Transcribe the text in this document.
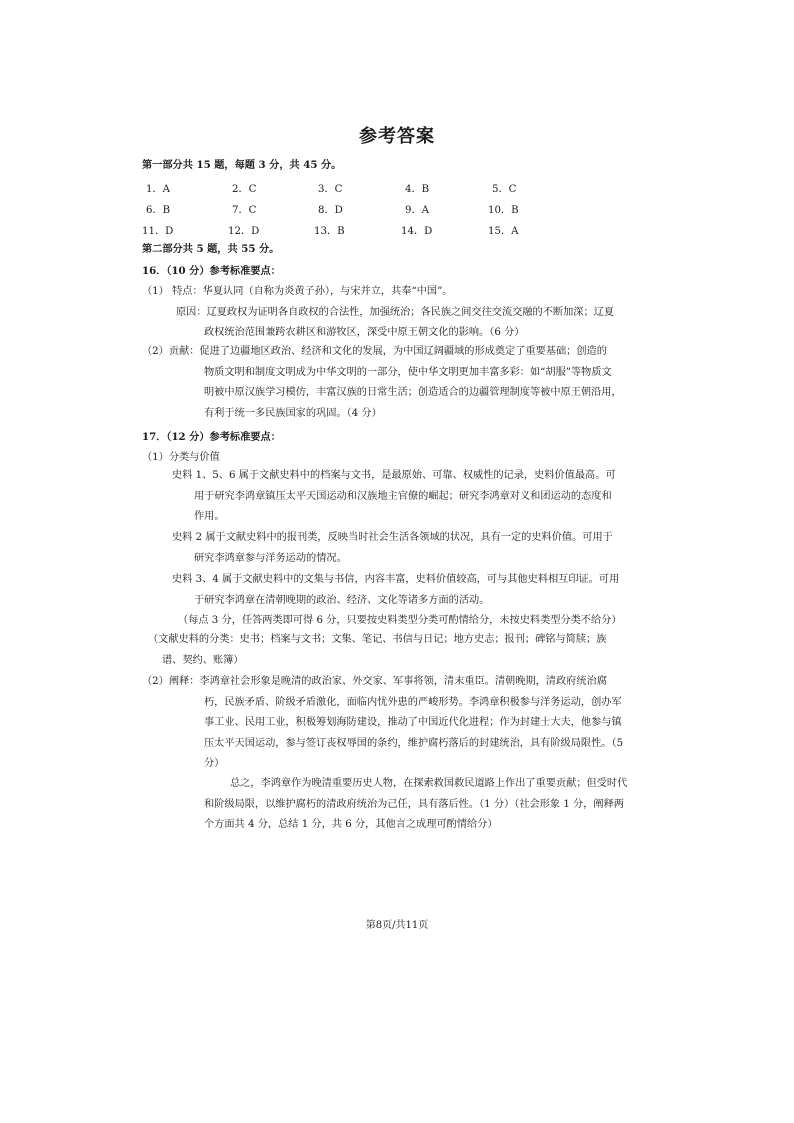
参考答案
第一部分共 15 题，每题 3 分，共 45 分。
1．A	2．C	3．C	4．B	5．C
6．B	7．C	8．D	9．A	10．B
11．D	12．D	13．B	14．D	15．A
第二部分共 5 题，共 55 分。
16．（10 分）参考标准要点：
（1） 特点：华夏认同（自称为炎黄子孙），与宋并立，共奉“中国”。
原因：辽夏政权为证明各自政权的合法性，加强统治；各民族之间交往交流交融的不断加深；辽夏
政权统治范围兼跨农耕区和游牧区，深受中原王朝文化的影响。（6 分）
（2）贡献：促进了边疆地区政治、经济和文化的发展，为中国辽阔疆域的形成奠定了重要基础；创造的
物质文明和制度文明成为中华文明的一部分，使中华文明更加丰富多彩：如“胡服”等物质文
明被中原汉族学习模仿，丰富汉族的日常生活；创造适合的边疆管理制度等被中原王朝沿用，
有利于统一多民族国家的巩固。（4 分）
17．（12 分）参考标准要点：
（1）分类与价值
史料 1、5、6 属于文献史料中的档案与文书，是最原始、可靠、权威性的记录，史料价值最高。可
用于研究李鸿章镇压太平天国运动和汉族地主官僚的崛起；研究李鸿章对义和团运动的态度和
作用。
史料 2 属于文献史料中的报刊类，反映当时社会生活各领域的状况，具有一定的史料价值。可用于
研究李鸿章参与洋务运动的情况。
史料 3、4 属于文献史料中的文集与书信，内容丰富，史料价值较高，可与其他史料相互印证。可用
于研究李鸿章在清朝晚期的政治、经济、文化等诸多方面的活动。
（每点 3 分，任答两类即可得 6 分，只要按史料类型分类可酌情给分，未按史料类型分类不给分）
（文献史料的分类：史书；档案与文书；文集、笔记、书信与日记；地方史志；报刊；碑铭与简牍；族
谱、契约、账簿）
（2）阐释：李鸿章社会形象是晚清的政治家、外交家、军事将领，清末重臣。清朝晚期，清政府统治腐
朽，民族矛盾、阶级矛盾激化，面临内忧外患的严峻形势。李鸿章积极参与洋务运动，创办军
事工业、民用工业，积极筹划海防建设，推动了中国近代化进程；作为封建士大夫，他参与镇
压太平天国运动，参与签订丧权辱国的条约，维护腐朽落后的封建统治，具有阶级局限性。（5
分）
总之，李鸿章作为晚清重要历史人物，在探索救国救民道路上作出了重要贡献；但受时代
和阶级局限，以维护腐朽的清政府统治为己任，具有落后性。（1 分）（社会形象 1 分，阐释两
个方面共 4 分，总结 1 分，共 6 分，其他言之成理可酌情给分）
第8页/共11页
